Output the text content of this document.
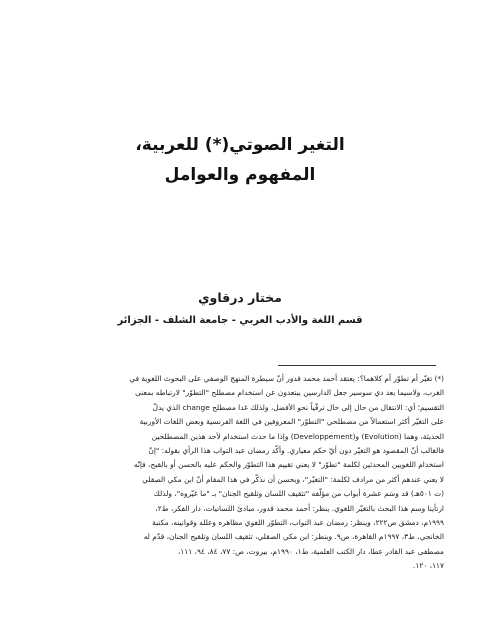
التغير الصوتي(*) للعربية،
المفهوم والعوامل
مختار درقاوي
قسم اللغة والأدب العربي - جامعة الشلف - الجزائر
(*) تغيّر أم تطوّر أم كلاهما؟: يعتقد أحمد محمد قدور أنّ سيطرة المنهج الوصفي على البحوث اللغوية في
الغرب، ولاسيما بعد دي سوسير جعل الدارسين يبتعدون عن استخدام مصطلح "التطوّر" لارتباطه بمعنى
التقسيم؛ أي: الانتقال من حال إلى حال ترقّياً نحو الأفضل، ولذلك غدا مصطلح change الذي يدلّ
على التغيّر أكثر استعمالاً من مصطلحي "التطوّر" المعروفين في اللغة الفرنسية وبعض اللغات الأوربية
الحديثة، وهما (Evolution) و(Developpement) وإذا ما حدث استخدام لأحد هذين المصطلحين
فالغالب أنّ المقصود هو التغيّر دون أيّ حكم معياري. وأكّد رمضان عبد التواب هذا الرأي بقوله: "إنّ
استخدام اللغويين المحدثين لكلمة "تطوّر" لا يعني تقييم هذا التطوّر والحكم عليه بالحسن أو بالقبح، فإنّه
لا يعني عندهم أكثر من مرادف لكلمة: "التغيّر"، ويحسن أن نذكّر في هذا المقام أنّ ابن مكي الصقلي
(ت ٥٠١هـ) قد وسَم عشرة أبواب من مؤلّفه "تثقيف اللسان وتلقيح الجنان" بـ "ما غيّروه"، ولذلك
ارتأينا وسم هذا البحث بالتغيّر اللغوي. ينظر: أحمد محمد قدور، مبادئ اللسانيات، دار الفكر، ط٢،
١٩٩٩م، دمشق ص٢٢٢، وينظر: رمضان عبد التواب، التطوّر اللغوي مظاهره وعلله وقوانينه، مكتبة
الخانجي، ط٣، ١٩٩٧م القاهرة، ص٩. وينظر: ابن مكي الصقلي، تثقيف اللسان وتلقيح الجنان، قدّم له
مصطفى عبد القادر عطا، دار الكتب العلمية، ط١، ١٩٩٠م، بيروت، ص: ٧٧، ٨٤، ٩٤، ١١١،
١١٧، ١٢٠.
